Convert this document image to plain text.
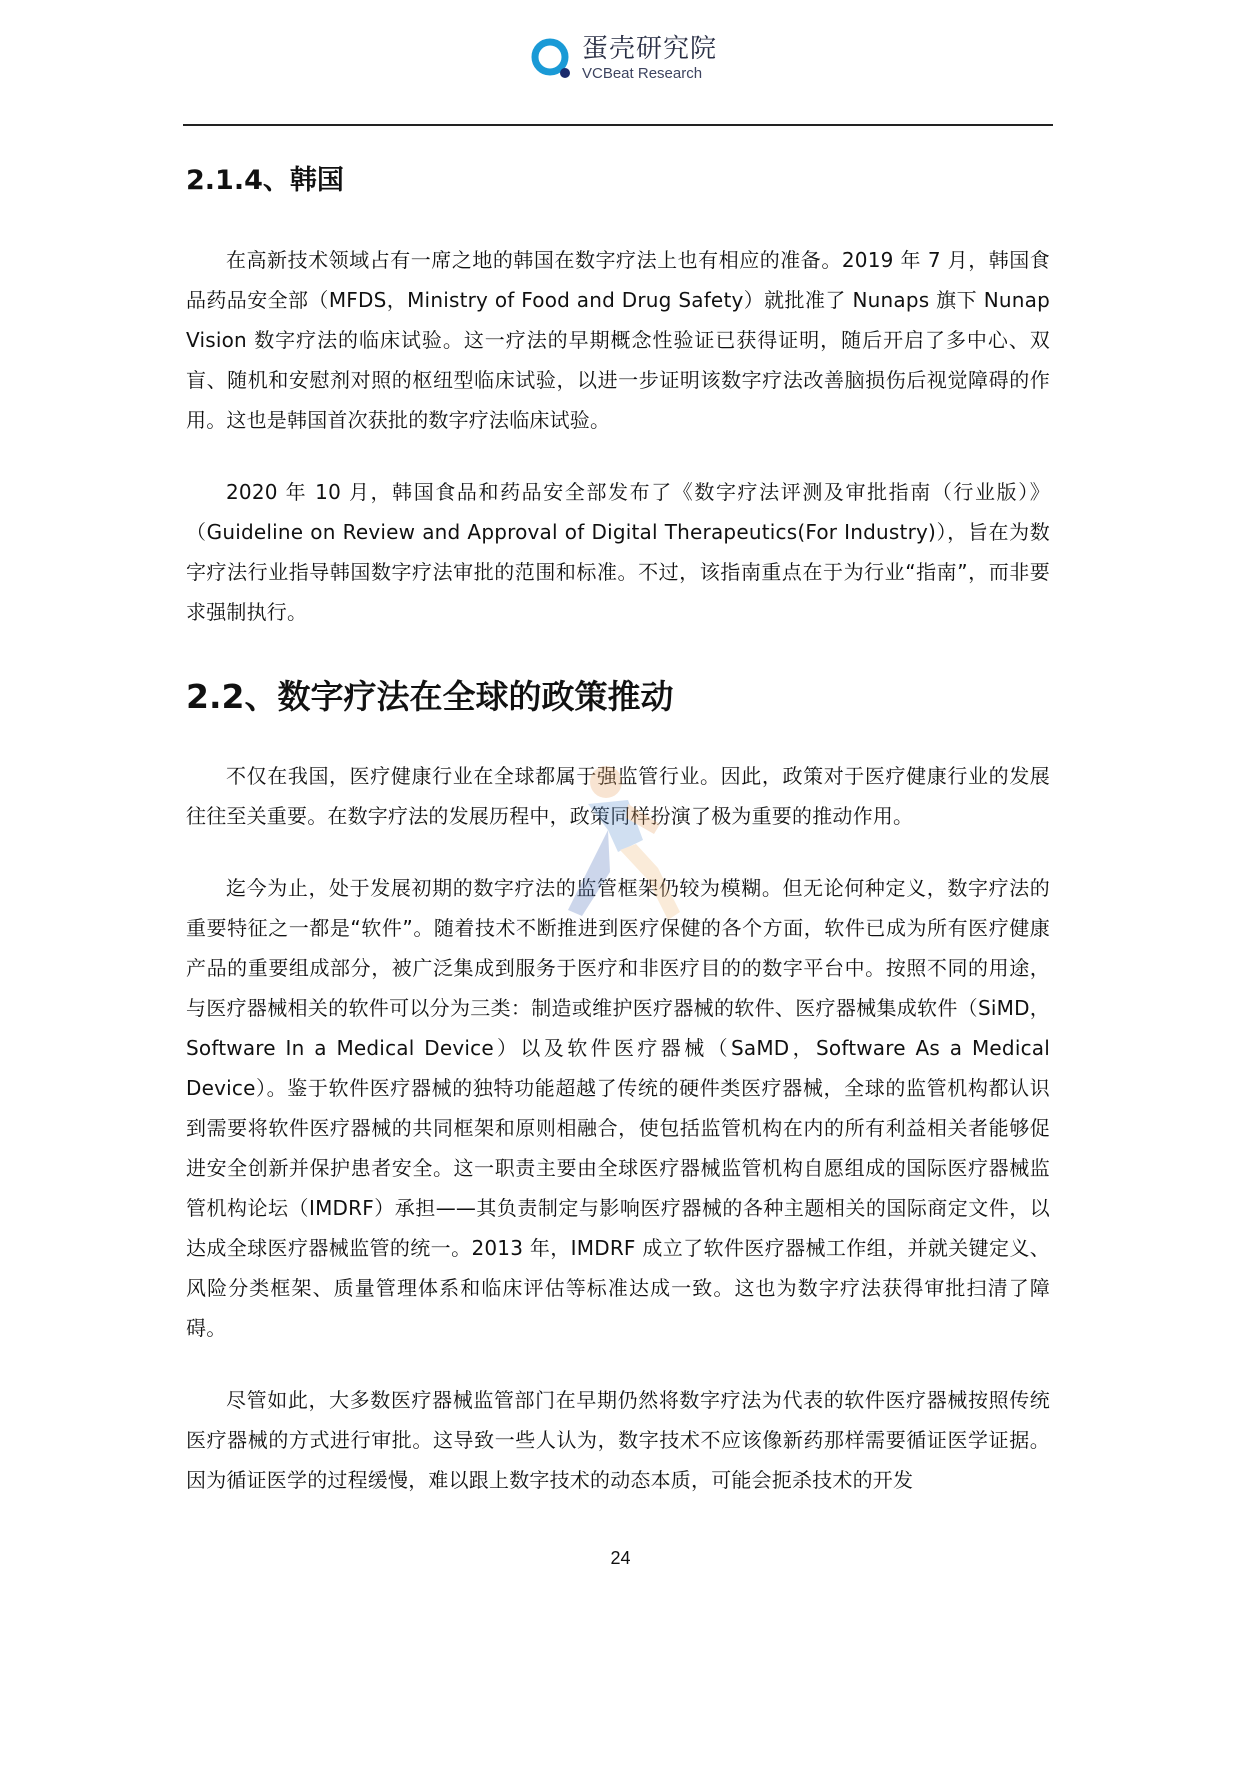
蛋壳研究院
VCBeat Research
2.1.4、韩国

在高新技术领域占有一席之地的韩国在数字疗法上也有相应的准备。2019 年 7 月，韩国食品药品安全部（MFDS，Ministry of Food and Drug Safety）就批准了 Nunaps 旗下 Nunap Vision 数字疗法的临床试验。这一疗法的早期概念性验证已获得证明，随后开启了多中心、双盲、随机和安慰剂对照的枢纽型临床试验，以进一步证明该数字疗法改善脑损伤后视觉障碍的作用。这也是韩国首次获批的数字疗法临床试验。

2020 年 10 月，韩国食品和药品安全部发布了《数字疗法评测及审批指南（行业版）》（Guideline on Review and Approval of Digital Therapeutics(For Industry)），旨在为数字疗法行业指导韩国数字疗法审批的范围和标准。不过，该指南重点在于为行业“指南”，而非要求强制执行。

2.2、数字疗法在全球的政策推动

不仅在我国，医疗健康行业在全球都属于强监管行业。因此，政策对于医疗健康行业的发展往往至关重要。在数字疗法的发展历程中，政策同样扮演了极为重要的推动作用。

迄今为止，处于发展初期的数字疗法的监管框架仍较为模糊。但无论何种定义，数字疗法的重要特征之一都是“软件”。随着技术不断推进到医疗保健的各个方面，软件已成为所有医疗健康产品的重要组成部分，被广泛集成到服务于医疗和非医疗目的的数字平台中。按照不同的用途，与医疗器械相关的软件可以分为三类：制造或维护医疗器械的软件、医疗器械集成软件（SiMD，Software In a Medical Device）以及软件医疗器械（SaMD，Software As a Medical Device）。鉴于软件医疗器械的独特功能超越了传统的硬件类医疗器械，全球的监管机构都认识到需要将软件医疗器械的共同框架和原则相融合，使包括监管机构在内的所有利益相关者能够促进安全创新并保护患者安全。这一职责主要由全球医疗器械监管机构自愿组成的国际医疗器械监管机构论坛（IMDRF）承担——其负责制定与影响医疗器械的各种主题相关的国际商定文件，以达成全球医疗器械监管的统一。2013 年，IMDRF 成立了软件医疗器械工作组，并就关键定义、风险分类框架、质量管理体系和临床评估等标准达成一致。这也为数字疗法获得审批扫清了障碍。

尽管如此，大多数医疗器械监管部门在早期仍然将数字疗法为代表的软件医疗器械按照传统医疗器械的方式进行审批。这导致一些人认为，数字技术不应该像新药那样需要循证医学证据。因为循证医学的过程缓慢，难以跟上数字技术的动态本质，可能会扼杀技术的开发

24
